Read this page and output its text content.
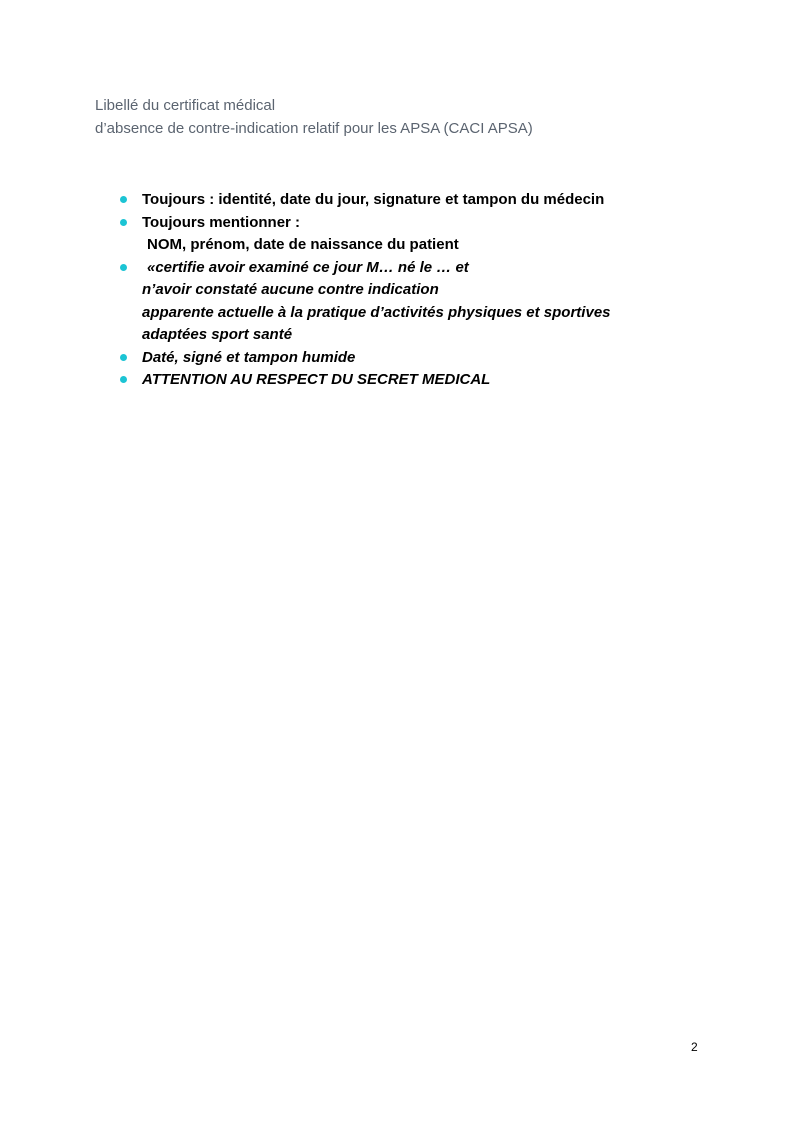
Libellé du certificat médical
d’absence de contre-indication relatif pour les APSA (CACI APSA)
Toujours : identité, date du jour, signature et tampon du médecin
Toujours mentionner :
NOM, prénom, date de naissance du patient
«certifie avoir examiné ce jour M… né le … et
n’avoir constaté aucune contre indication
apparente actuelle à la pratique d’activités physiques et sportives
adaptées sport santé
Daté, signé et tampon humide
ATTENTION AU RESPECT DU SECRET MEDICAL
2
